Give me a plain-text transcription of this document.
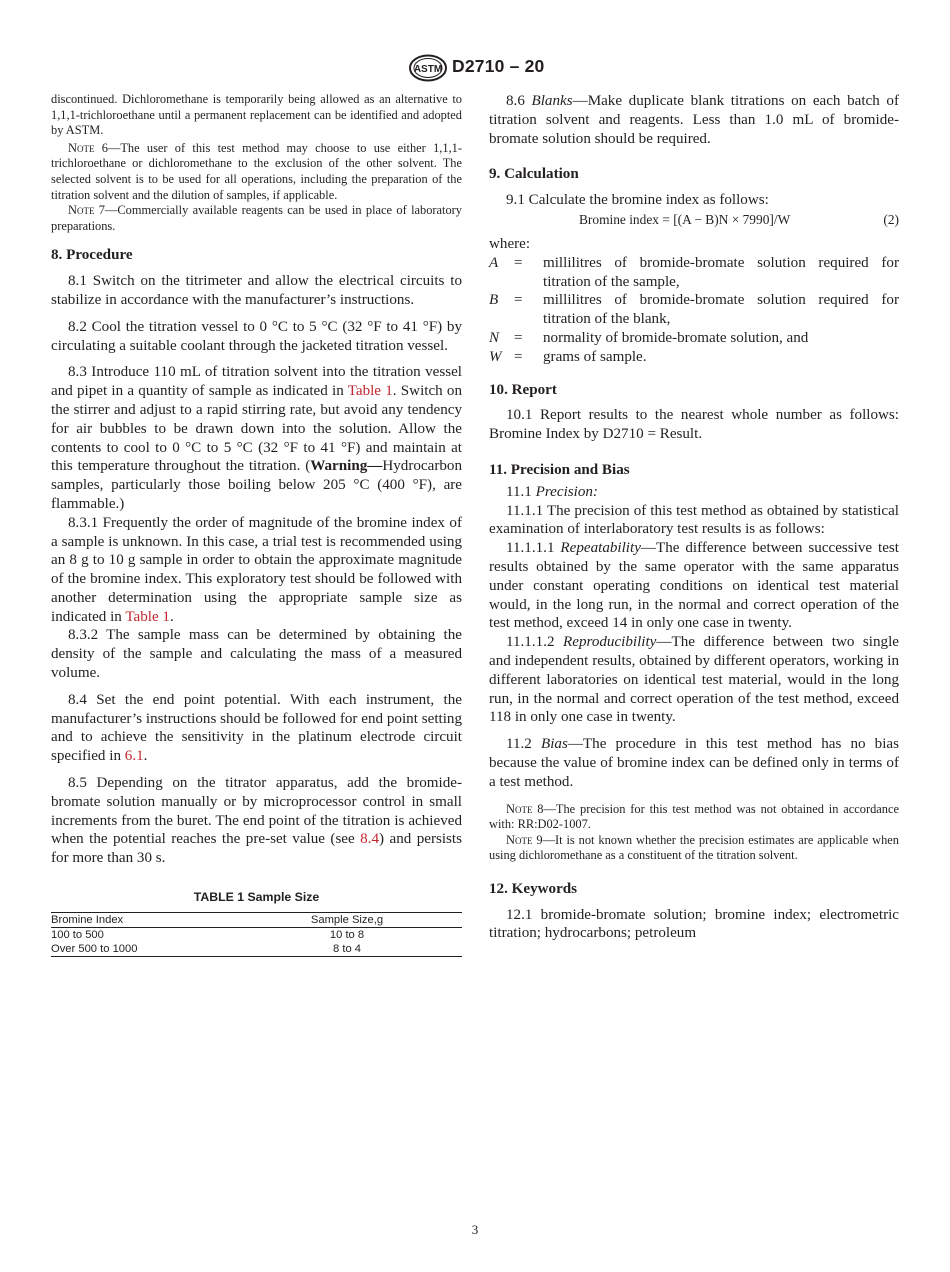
ASTM D2710 – 20

discontinued. Dichloromethane is temporarily being allowed as an alternative to 1,1,1-trichloroethane until a permanent replacement can be identified and adopted by ASTM.

Note 6—The user of this test method may choose to use either 1,1,1-trichloroethane or dichloromethane to the exclusion of the other solvent. The selected solvent is to be used for all operations, including the preparation of the titration solvent and the dilution of samples, if applicable.

Note 7—Commercially available reagents can be used in place of laboratory preparations.

8. Procedure

8.1 Switch on the titrimeter and allow the electrical circuits to stabilize in accordance with the manufacturer’s instructions.

8.2 Cool the titration vessel to 0 °C to 5 °C (32 °F to 41 °F) by circulating a suitable coolant through the jacketed titration vessel.

8.3 Introduce 110 mL of titration solvent into the titration vessel and pipet in a quantity of sample as indicated in Table 1. Switch on the stirrer and adjust to a rapid stirring rate, but avoid any tendency for air bubbles to be drawn down into the solution. Allow the contents to cool to 0 °C to 5 °C (32 °F to 41 °F) and maintain at this temperature throughout the titration. (Warning—Hydrocarbon samples, particularly those boiling below 205 °C (400 °F), are flammable.)

8.3.1 Frequently the order of magnitude of the bromine index of a sample is unknown. In this case, a trial test is recommended using an 8 g to 10 g sample in order to obtain the approximate magnitude of the bromine index. This exploratory test should be followed with another determination using the appropriate sample size as indicated in Table 1.

8.3.2 The sample mass can be determined by obtaining the density of the sample and calculating the mass of a measured volume.

8.4 Set the end point potential. With each instrument, the manufacturer’s instructions should be followed for end point setting and to achieve the sensitivity in the platinum electrode circuit specified in 6.1.

8.5 Depending on the titrator apparatus, add the bromide-bromate solution manually or by microprocessor control in small increments from the buret. The end point of the titration is achieved when the potential reaches the pre-set value (see 8.4) and persists for more than 30 s.

TABLE 1 Sample Size

Bromine Index	Sample Size,g
100 to 500	10 to 8
Over 500 to 1000	8 to 4

8.6 Blanks—Make duplicate blank titrations on each batch of titration solvent and reagents. Less than 1.0 mL of bromide-bromate solution should be required.

9. Calculation

9.1 Calculate the bromine index as follows:

Bromine index = [(A − B)N × 7990]/W	(2)

where:

A = millilitres of bromide-bromate solution required for titration of the sample,
B = millilitres of bromide-bromate solution required for titration of the blank,
N = normality of bromide-bromate solution, and
W = grams of sample.
10. Report

10.1 Report results to the nearest whole number as follows: Bromine Index by D2710 = Result.

11. Precision and Bias

11.1 Precision:

11.1.1 The precision of this test method as obtained by statistical examination of interlaboratory test results is as follows:

11.1.1.1 Repeatability—The difference between successive test results obtained by the same operator with the same apparatus under constant operating conditions on identical test material would, in the long run, in the normal and correct operation of the test method, exceed 14 in only one case in twenty.

11.1.1.2 Reproducibility—The difference between two single and independent results, obtained by different operators, working in different laboratories on identical test material, would in the long run, in the normal and correct operation of the test method, exceed 118 in only one case in twenty.

11.2 Bias—The procedure in this test method has no bias because the value of bromine index can be defined only in terms of a test method.

Note 8—The precision for this test method was not obtained in accordance with: RR:D02-1007.

Note 9—It is not known whether the precision estimates are applicable when using dichloromethane as a constituent of the titration solvent.

12. Keywords

12.1 bromide-bromate solution; bromine index; electrometric titration; hydrocarbons; petroleum

3
